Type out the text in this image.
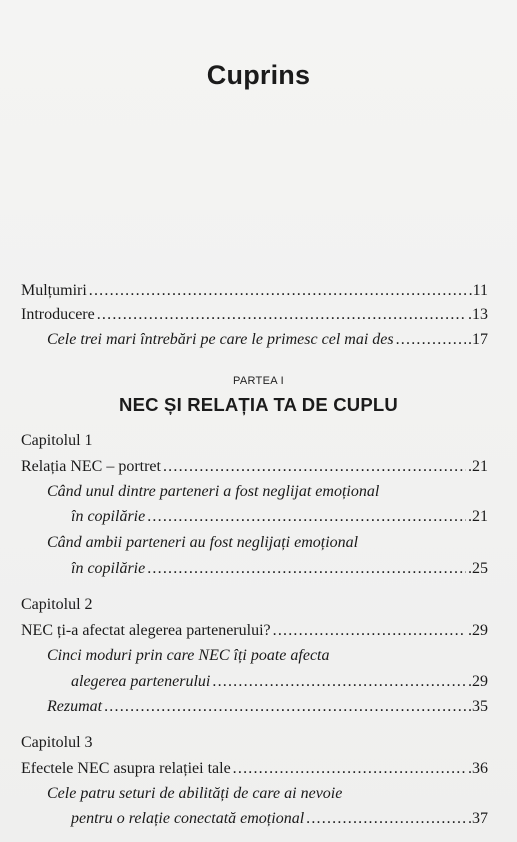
Cuprins
Mulțumiri . . .	.11
Introducere . . .	.13
Cele trei mari întrebări pe care le primesc cel mai des . . .	.17
Capitolul 1
Relația NEC – portret . . .	.21
Când unul dintre parteneri a fost neglijat emoțional
în copilărie . . .	.21
Când ambii parteneri au fost neglijați emoțional
în copilărie . . .	.25
Capitolul 2
NEC ți-a afectat alegerea partenerului? . . .	.29
Cinci moduri prin care NEC îți poate afecta
alegerea partenerului . . .	.29
Rezumat . . .	.35
Capitolul 3
Efectele NEC asupra relației tale . . .	.36
Cele patru seturi de abilități de care ai nevoie
pentru o relație conectată emoțional . . .	.37
PARTEA I
NEC ȘI RELAȚIA TA DE CUPLU
